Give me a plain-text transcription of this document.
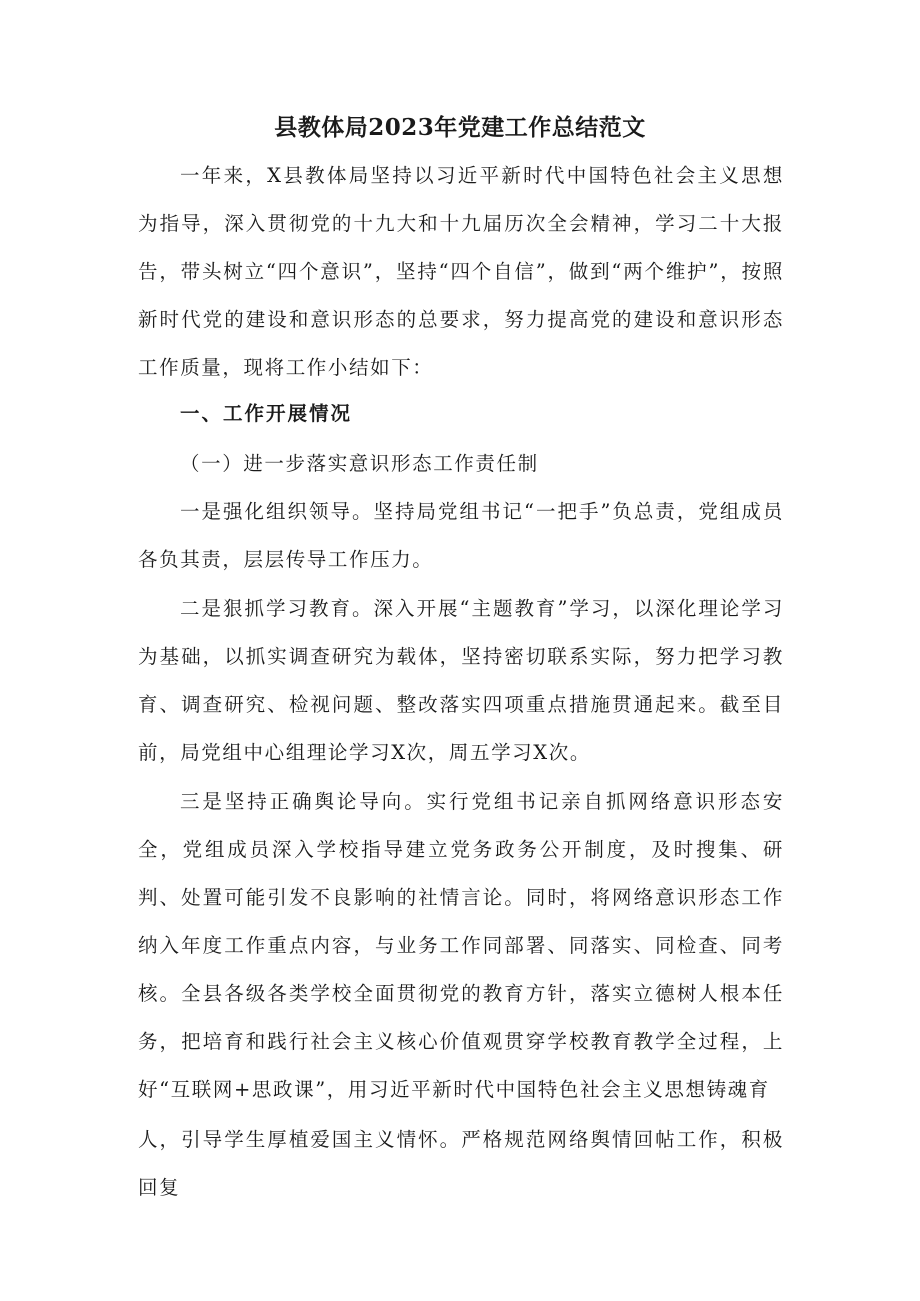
县教体局2023年党建工作总结范文

一年来，X县教体局坚持以习近平新时代中国特色社会主义思想为指导，深入贯彻党的十九大和十九届历次全会精神，学习二十大报告，带头树立“四个意识”，坚持“四个自信”，做到“两个维护”，按照新时代党的建设和意识形态的总要求，努力提高党的建设和意识形态工作质量，现将工作小结如下：

一、工作开展情况
（一）进一步落实意识形态工作责任制

一是强化组织领导。坚持局党组书记“一把手”负总责，党组成员各负其责，层层传导工作压力。

二是狠抓学习教育。深入开展“主题教育”学习，以深化理论学习为基础，以抓实调查研究为载体，坚持密切联系实际，努力把学习教育、调查研究、检视问题、整改落实四项重点措施贯通起来。截至目前，局党组中心组理论学习X次，周五学习X次。

三是坚持正确舆论导向。实行党组书记亲自抓网络意识形态安全，党组成员深入学校指导建立党务政务公开制度，及时搜集、研判、处置可能引发不良影响的社情言论。同时，将网络意识形态工作纳入年度工作重点内容，与业务工作同部署、同落实、同检查、同考核。全县各级各类学校全面贯彻党的教育方针，落实立德树人根本任务，把培育和践行社会主义核心价值观贯穿学校教育教学全过程，上好“互联网+思政课”，用习近平新时代中国特色社会主义思想铸魂育

人，引导学生厚植爱国主义情怀。严格规范网络舆情回帖工作，积极回复
